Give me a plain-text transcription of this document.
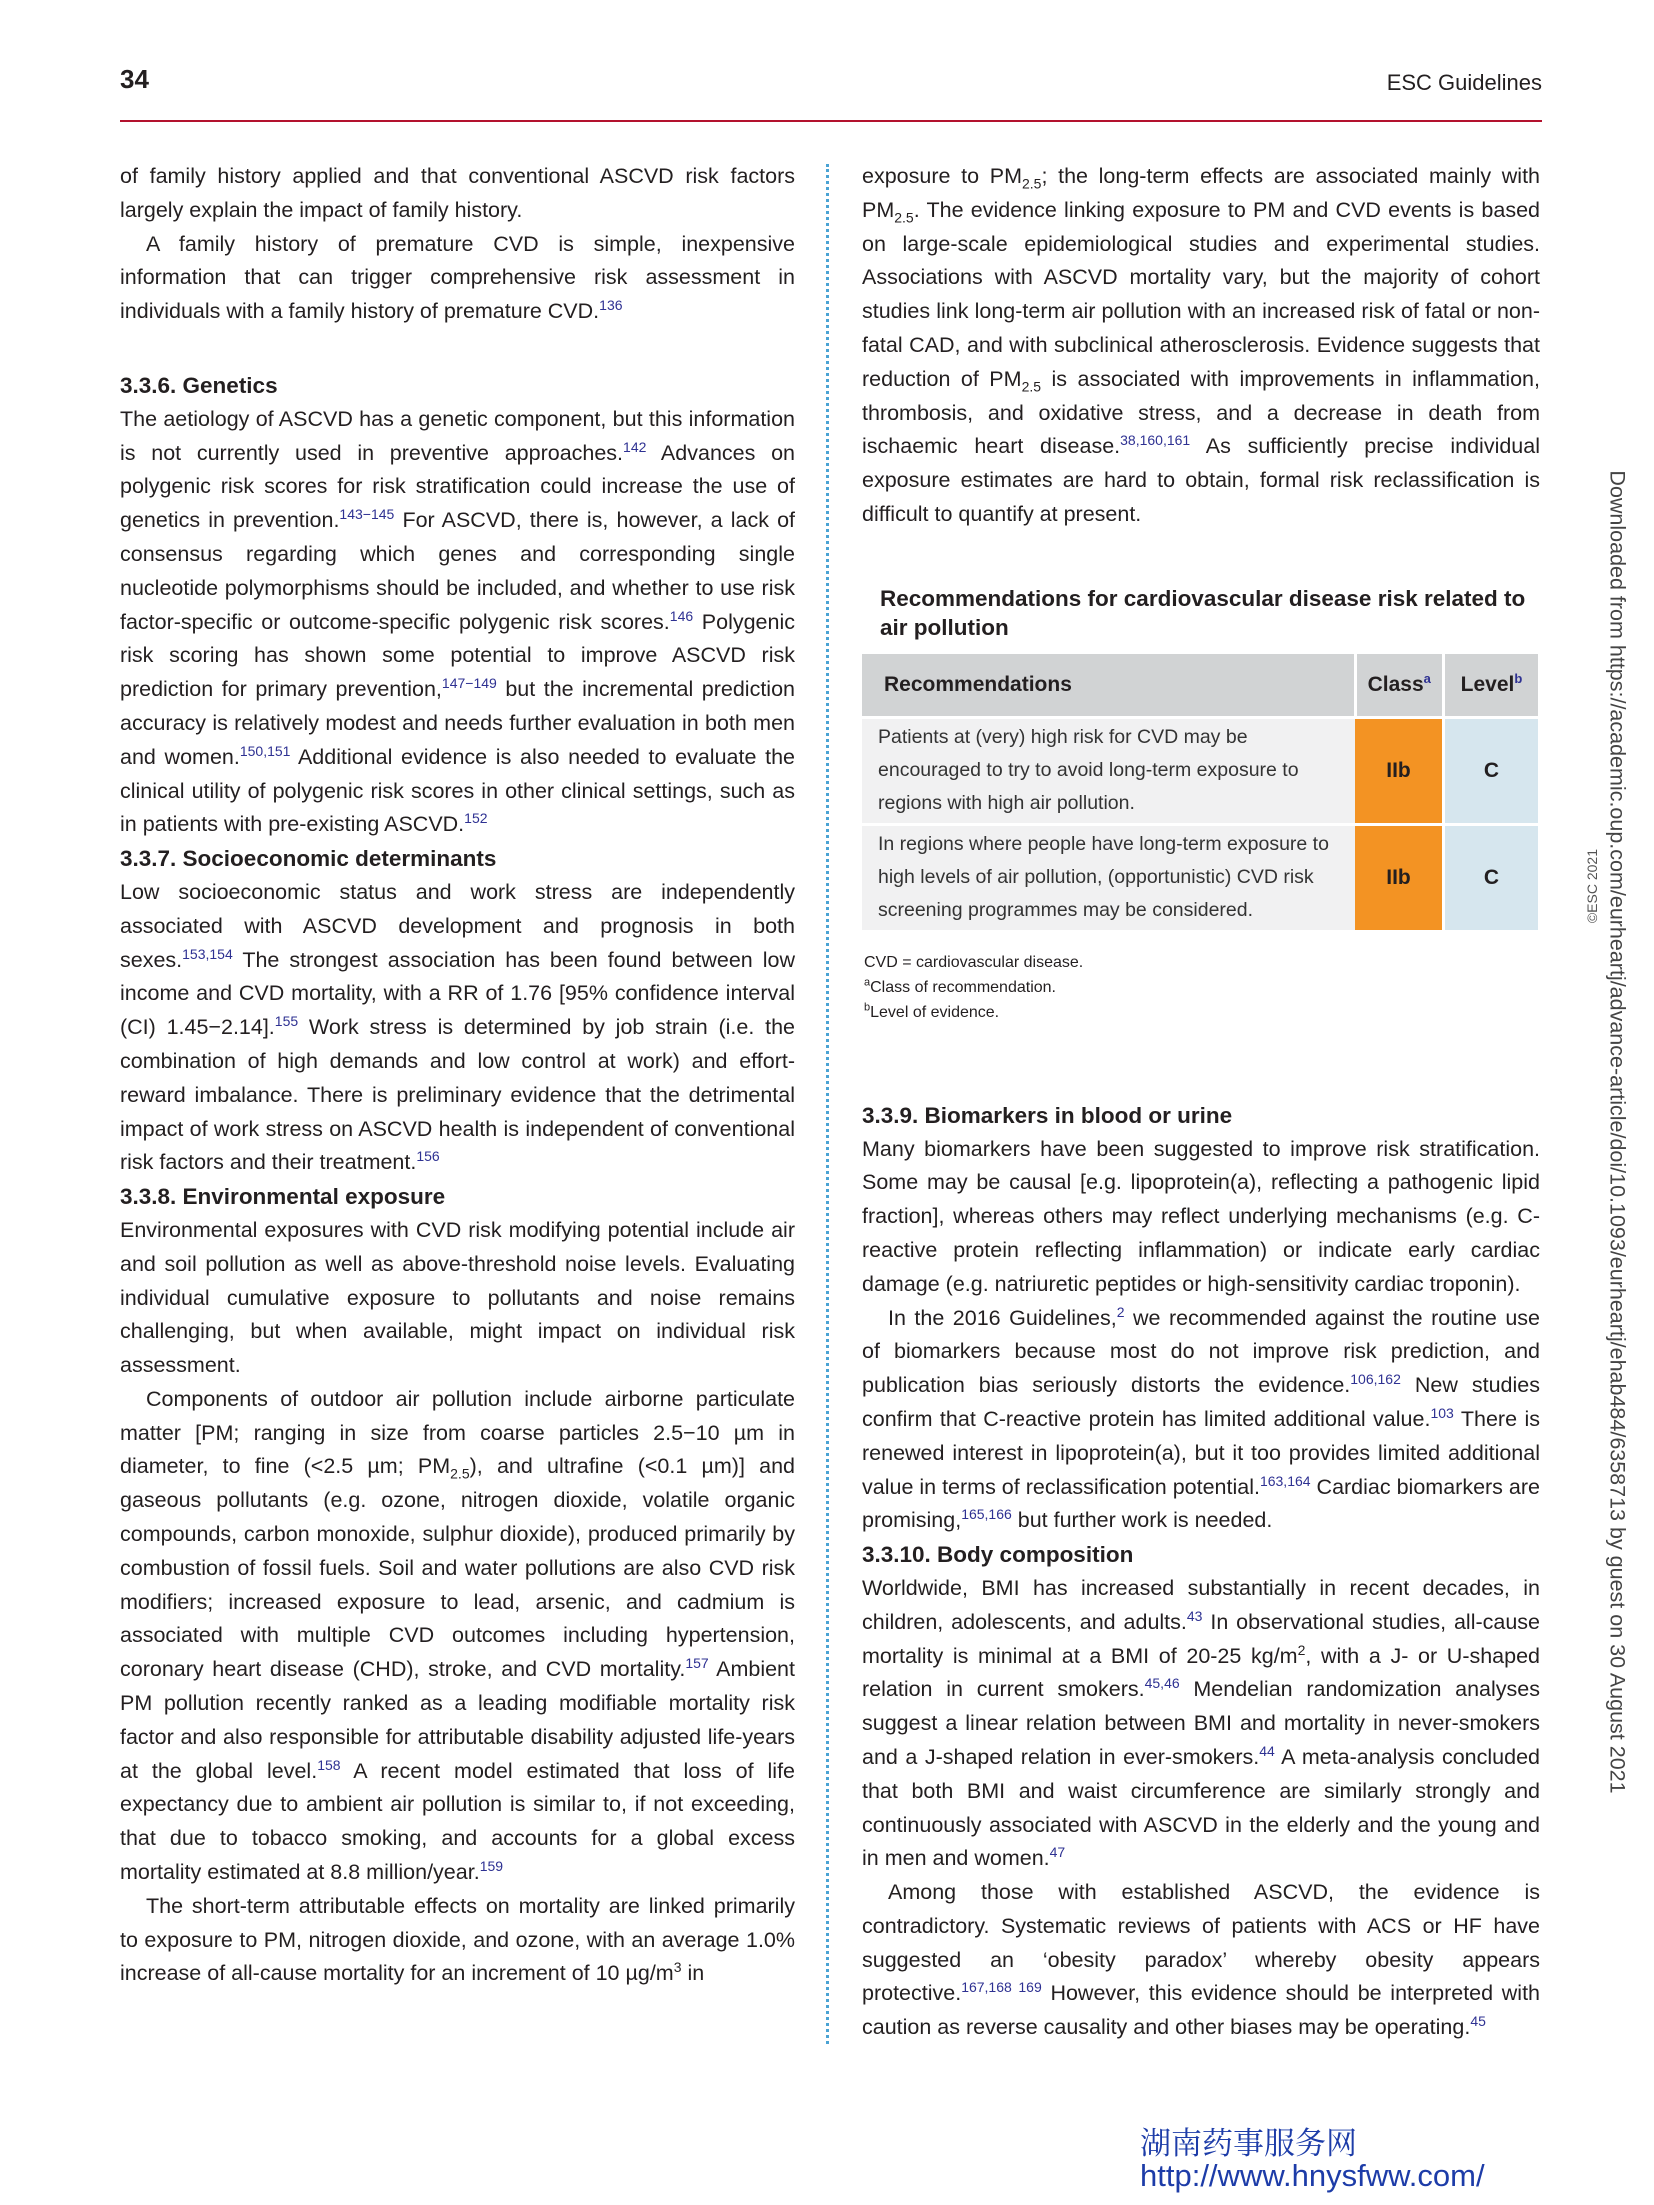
34	ESC Guidelines

of family history applied and that conventional ASCVD risk factors largely explain the impact of family history.

A family history of premature CVD is simple, inexpensive information that can trigger comprehensive risk assessment in individuals with a family history of premature CVD.$^{136}$

3.3.6. Genetics

The aetiology of ASCVD has a genetic component, but this information is not currently used in preventive approaches.$^{142}$ Advances on polygenic risk scores for risk stratification could increase the use of genetics in prevention.$^{143-145}$ For ASCVD, there is, however, a lack of consensus regarding which genes and corresponding single nucleotide polymorphisms should be included, and whether to use risk factor-specific or outcome-specific polygenic risk scores.$^{146}$ Polygenic risk scoring has shown some potential to improve ASCVD risk prediction for primary prevention,$^{147-149}$ but the incremental prediction accuracy is relatively modest and needs further evaluation in both men and women.$^{150,151}$ Additional evidence is also needed to evaluate the clinical utility of polygenic risk scores in other clinical settings, such as in patients with pre-existing ASCVD.$^{152}$

3.3.7. Socioeconomic determinants

Low socioeconomic status and work stress are independently associated with ASCVD development and prognosis in both sexes.$^{153,154}$ The strongest association has been found between low income and CVD mortality, with a RR of 1.76 [95% confidence interval (CI) 1.45−2.14].$^{155}$ Work stress is determined by job strain (i.e. the combination of high demands and low control at work) and effort-reward imbalance. There is preliminary evidence that the detrimental impact of work stress on ASCVD health is independent of conventional risk factors and their treatment.$^{156}$

3.3.8. Environmental exposure

Environmental exposures with CVD risk modifying potential include air and soil pollution as well as above-threshold noise levels. Evaluating individual cumulative exposure to pollutants and noise remains challenging, but when available, might impact on individual risk assessment.

Components of outdoor air pollution include airborne particulate matter [PM; ranging in size from coarse particles 2.5−10 µm in diameter, to fine (<2.5 µm; $PM_{2.5}$), and ultrafine (<0.1 µm)] and gaseous pollutants (e.g. ozone, nitrogen dioxide, volatile organic compounds, carbon monoxide, sulphur dioxide), produced primarily by combustion of fossil fuels. Soil and water pollutions are also CVD risk modifiers; increased exposure to lead, arsenic, and cadmium is associated with multiple CVD outcomes including hypertension, coronary heart disease (CHD), stroke, and CVD mortality.$^{157}$ Ambient PM pollution recently ranked as a leading modifiable mortality risk factor and also responsible for attributable disability adjusted life-years at the global level.$^{158}$ A recent model estimated that loss of life expectancy due to ambient air pollution is similar to, if not exceeding, that due to tobacco smoking, and accounts for a global excess mortality estimated at 8.8 million/year.$^{159}$

The short-term attributable effects on mortality are linked primarily to exposure to PM, nitrogen dioxide, and ozone, with an average 1.0% increase of all-cause mortality for an increment of 10 $\mu g/m^3$ in

exposure to $PM_{2.5}$; the long-term effects are associated mainly with $PM_{2.5}$. The evidence linking exposure to PM and CVD events is based on large-scale epidemiological studies and experimental studies. Associations with ASCVD mortality vary, but the majority of cohort studies link long-term air pollution with an increased risk of fatal or non-fatal CAD, and with subclinical atherosclerosis. Evidence suggests that reduction of $PM_{2.5}$ is associated with improvements in inflammation, thrombosis, and oxidative stress, and a decrease in death from ischaemic heart disease.$^{38,160,161}$ As sufficiently precise individual exposure estimates are hard to obtain, formal risk reclassification is difficult to quantify at present.

Recommendations for cardiovascular disease risk related to air pollution
Recommendations	Class$^a$	Level$^b$
Patients at (very) high risk for CVD may be encouraged to try to avoid long-term exposure to regions with high air pollution.	IIb	C
In regions where people have long-term exposure to high levels of air pollution, (opportunistic) CVD risk screening programmes may be considered.	IIb	C	©ESC 2021
CVD = cardiovascular disease.
$^a$Class of recommendation.
$^b$Level of evidence.

3.3.9. Biomarkers in blood or urine

Many biomarkers have been suggested to improve risk stratification. Some may be causal [e.g. lipoprotein(a), reflecting a pathogenic lipid fraction], whereas others may reflect underlying mechanisms (e.g. C-reactive protein reflecting inflammation) or indicate early cardiac damage (e.g. natriuretic peptides or high-sensitivity cardiac troponin).

In the 2016 Guidelines,$^2$ we recommended against the routine use of biomarkers because most do not improve risk prediction, and publication bias seriously distorts the evidence.$^{106,162}$ New studies confirm that C-reactive protein has limited additional value.$^{103}$ There is renewed interest in lipoprotein(a), but it too provides limited additional value in terms of reclassification potential.$^{163,164}$ Cardiac biomarkers are promising,$^{165,166}$ but further work is needed.

3.3.10. Body composition

Worldwide, BMI has increased substantially in recent decades, in children, adolescents, and adults.$^{43}$ In observational studies, all-cause mortality is minimal at a BMI of 20-25 $kg/m^2$, with a J- or U-shaped relation in current smokers.$^{45,46}$ Mendelian randomization analyses suggest a linear relation between BMI and mortality in never-smokers and a J-shaped relation in ever-smokers.$^{44}$ A meta-analysis concluded that both BMI and waist circumference are similarly strongly and continuously associated with ASCVD in the elderly and the young and in men and women.$^{47}$

Among those with established ASCVD, the evidence is contradictory. Systematic reviews of patients with ACS or HF have suggested an ‘obesity paradox’ whereby obesity appears protective.$^{167,168 169}$ However, this evidence should be interpreted with caution as reverse causality and other biases may be operating.$^{45}$

Downloaded from https://academic.oup.com/eurheartj/advance-article/doi/10.1093/eurheartj/ehab484/6358713 by guest on 30 August 2021
湖南药事服务网
http://www.hnysfww.com/
